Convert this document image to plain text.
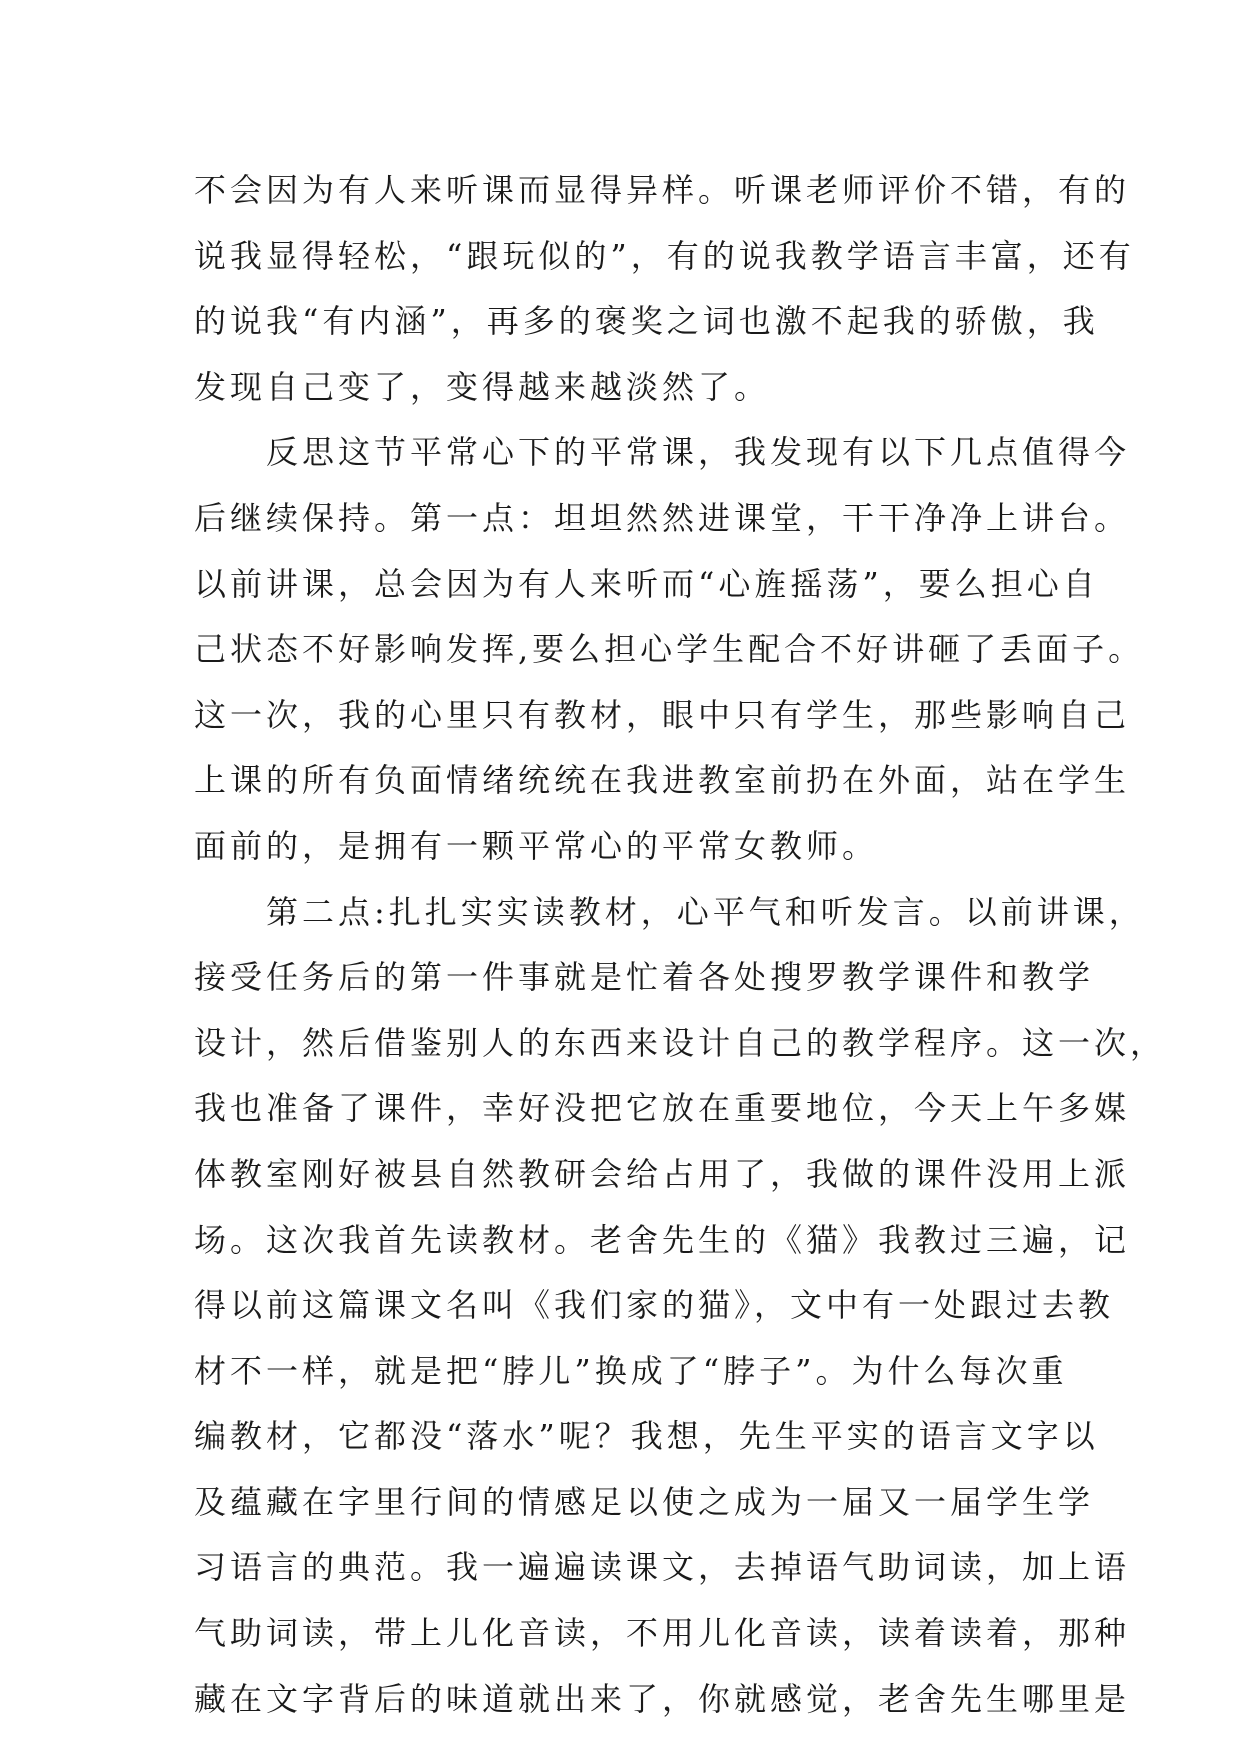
不会因为有人来听课而显得异样。听课老师评价不错，有的
说我显得轻松，“跟玩似的”，有的说我教学语言丰富，还有
的说我“有内涵”，再多的褒奖之词也激不起我的骄傲，我
发现自己变了，变得越来越淡然了。
　　反思这节平常心下的平常课，我发现有以下几点值得今
后继续保持。第一点：坦坦然然进课堂，干干净净上讲台。
以前讲课，总会因为有人来听而“心旌摇荡”，要么担心自
己状态不好影响发挥,要么担心学生配合不好讲砸了丢面子。
这一次，我的心里只有教材，眼中只有学生，那些影响自己
上课的所有负面情绪统统在我进教室前扔在外面，站在学生
面前的，是拥有一颗平常心的平常女教师。
　　第二点:扎扎实实读教材，心平气和听发言。以前讲课，
接受任务后的第一件事就是忙着各处搜罗教学课件和教学
设计，然后借鉴别人的东西来设计自己的教学程序。这一次，
我也准备了课件，幸好没把它放在重要地位，今天上午多媒
体教室刚好被县自然教研会给占用了，我做的课件没用上派
场。这次我首先读教材。老舍先生的《猫》我教过三遍，记
得以前这篇课文名叫《我们家的猫》，文中有一处跟过去教
材不一样，就是把“脖儿”换成了“脖子”。为什么每次重
编教材，它都没“落水”呢？我想，先生平实的语言文字以
及蕴藏在字里行间的情感足以使之成为一届又一届学生学
习语言的典范。我一遍遍读课文，去掉语气助词读，加上语
气助词读，带上儿化音读，不用儿化音读，读着读着，那种
藏在文字背后的味道就出来了，你就感觉，老舍先生哪里是
